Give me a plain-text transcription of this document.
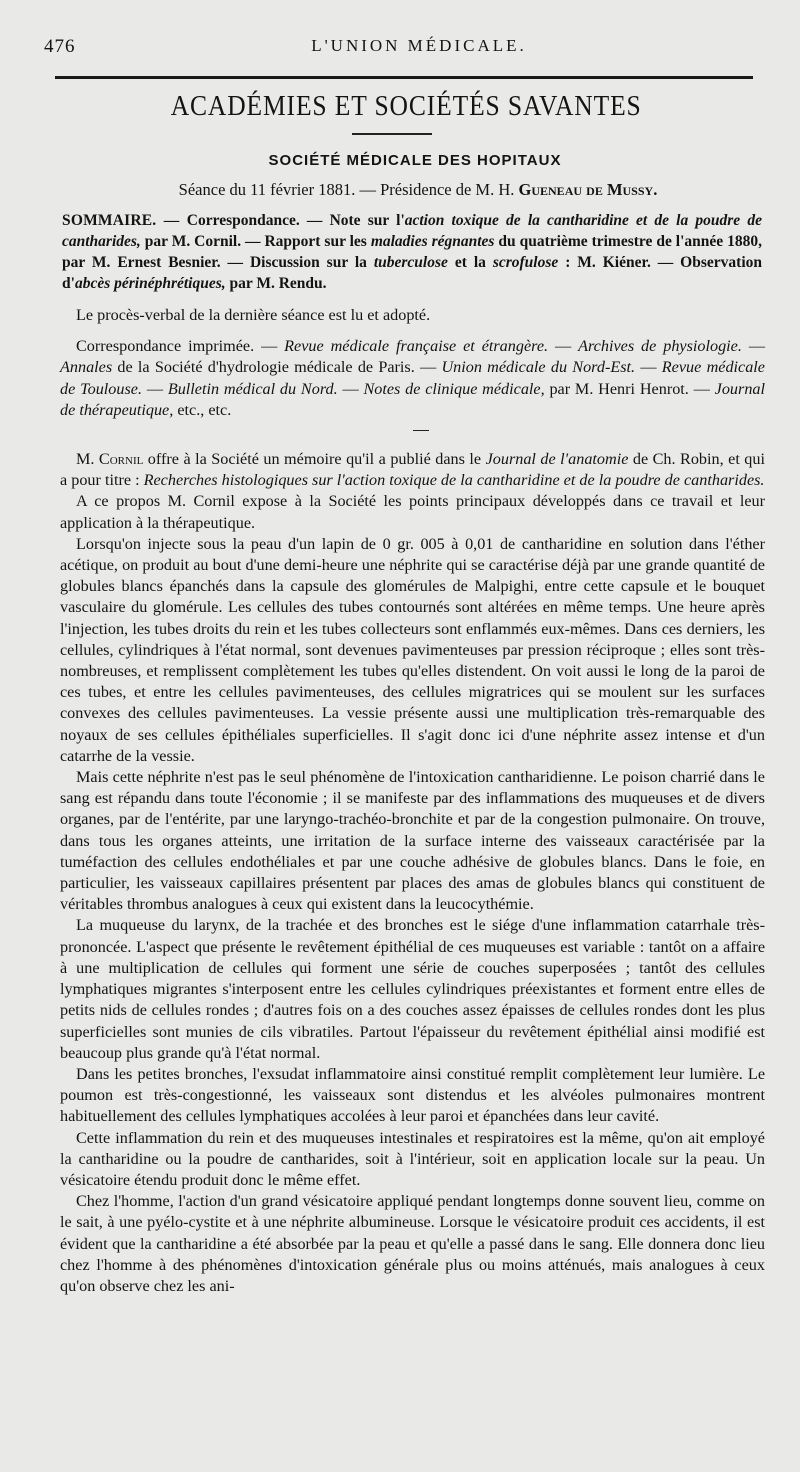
476	L'UNION MÉDICALE.
ACADÉMIES ET SOCIÉTÉS SAVANTES
SOCIÉTÉ MÉDICALE DES HOPITAUX
Séance du 11 février 1881. — Présidence de M. H. Gueneau de Mussy.
SOMMAIRE. — Correspondance. — Note sur l'action toxique de la cantharidine et de la poudre de cantharides, par M. Cornil. — Rapport sur les maladies régnantes du quatrième trimestre de l'année 1880, par M. Ernest Besnier. — Discussion sur la tuberculose et la scrofulose : M. Kiéner. — Observation d'abcès périnéphrétiques, par M. Rendu.

Le procès-verbal de la dernière séance est lu et adopté.

Correspondance imprimée. — Revue médicale française et étrangère. — Archives de physiologie. — Annales de la Société d'hydrologie médicale de Paris. — Union médicale du Nord-Est. — Revue médicale de Toulouse. — Bulletin médical du Nord. — Notes de clinique médicale, par M. Henri Henrot. — Journal de thérapeutique, etc., etc.

M. Cornil offre à la Société un mémoire qu'il a publié dans le Journal de l'anatomie de Ch. Robin, et qui a pour titre : Recherches histologiques sur l'action toxique de la cantharidine et de la poudre de cantharides.

A ce propos M. Cornil expose à la Société les points principaux développés dans ce travail et leur application à la thérapeutique.

Lorsqu'on injecte sous la peau d'un lapin de 0 gr. 005 à 0,01 de cantharidine en solution dans l'éther acétique, on produit au bout d'une demi-heure une néphrite qui se caractérise déjà par une grande quantité de globules blancs épanchés dans la capsule des glomérules de Malpighi, entre cette capsule et le bouquet vasculaire du glomérule. Les cellules des tubes contournés sont altérées en même temps. Une heure après l'injection, les tubes droits du rein et les tubes collecteurs sont enflammés eux-mêmes. Dans ces derniers, les cellules, cylindriques à l'état normal, sont devenues pavimenteuses par pression réciproque ; elles sont très-nombreuses, et remplissent complètement les tubes qu'elles distendent. On voit aussi le long de la paroi de ces tubes, et entre les cellules pavimenteuses, des cellules migratrices qui se moulent sur les surfaces convexes des cellules pavimenteuses. La vessie présente aussi une multiplication très-remarquable des noyaux de ses cellules épithéliales superficielles. Il s'agit donc ici d'une néphrite assez intense et d'un catarrhe de la vessie.

Mais cette néphrite n'est pas le seul phénomène de l'intoxication cantharidienne. Le poison charrié dans le sang est répandu dans toute l'économie ; il se manifeste par des inflammations des muqueuses et de divers organes, par de l'entérite, par une laryngo-trachéo-bronchite et par de la congestion pulmonaire. On trouve, dans tous les organes atteints, une irritation de la surface interne des vaisseaux caractérisée par la tuméfaction des cellules endothéliales et par une couche adhésive de globules blancs. Dans le foie, en particulier, les vaisseaux capillaires présentent par places des amas de globules blancs qui constituent de véritables thrombus analogues à ceux qui existent dans la leucocythémie.

La muqueuse du larynx, de la trachée et des bronches est le siége d'une inflammation catarrhale très-prononcée. L'aspect que présente le revêtement épithélial de ces muqueuses est variable : tantôt on a affaire à une multiplication de cellules qui forment une série de couches superposées ; tantôt des cellules lymphatiques migrantes s'interposent entre les cellules cylindriques préexistantes et forment entre elles de petits nids de cellules rondes ; d'autres fois on a des couches assez épaisses de cellules rondes dont les plus superficielles sont munies de cils vibratiles. Partout l'épaisseur du revêtement épithélial ainsi modifié est beaucoup plus grande qu'à l'état normal.

Dans les petites bronches, l'exsudat inflammatoire ainsi constitué remplit complètement leur lumière. Le poumon est très-congestionné, les vaisseaux sont distendus et les alvéoles pulmonaires montrent habituellement des cellules lymphatiques accolées à leur paroi et épanchées dans leur cavité.

Cette inflammation du rein et des muqueuses intestinales et respiratoires est la même, qu'on ait employé la cantharidine ou la poudre de cantharides, soit à l'intérieur, soit en application locale sur la peau. Un vésicatoire étendu produit donc le même effet.

Chez l'homme, l'action d'un grand vésicatoire appliqué pendant longtemps donne souvent lieu, comme on le sait, à une pyélo-cystite et à une néphrite albumineuse. Lorsque le vésicatoire produit ces accidents, il est évident que la cantharidine a été absorbée par la peau et qu'elle a passé dans le sang. Elle donnera donc lieu chez l'homme à des phénomènes d'intoxication générale plus ou moins atténués, mais analogues à ceux qu'on observe chez les ani-
